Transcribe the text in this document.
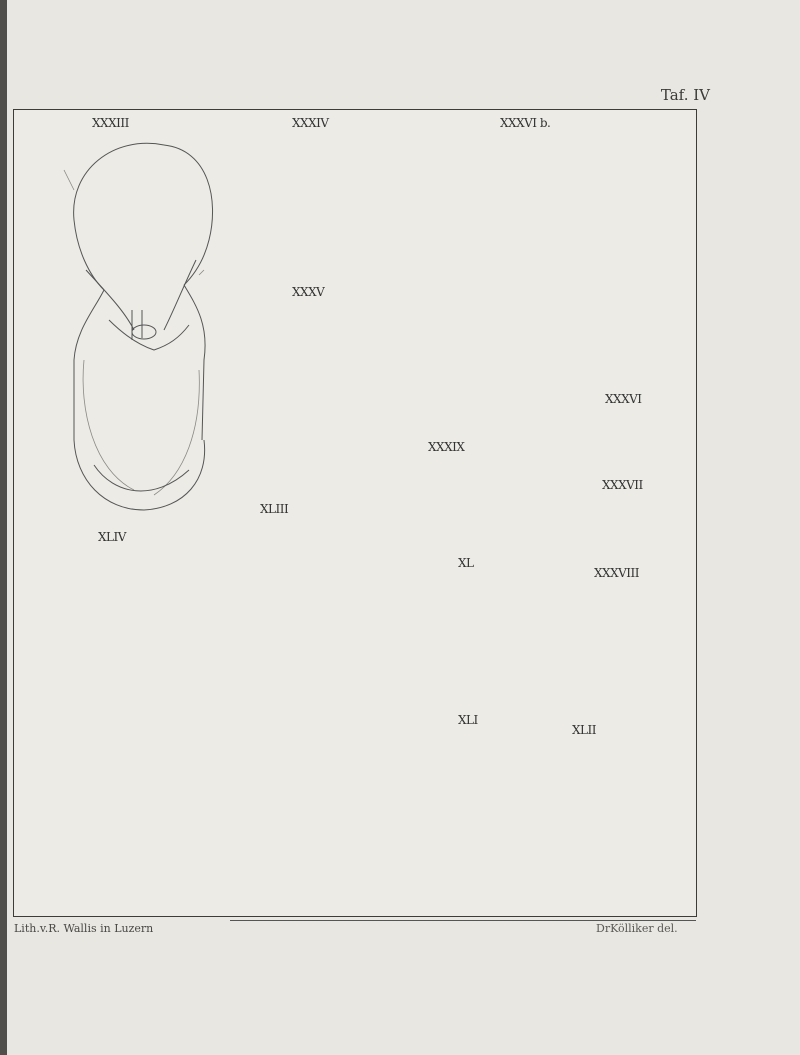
Taf. IV
XXXIII	XXXIV	XXXVI b.
XXXV
XXXVI
XXXIX
XXXVII
XLIII
XLIV
XL
XXXVIII
XLI
XLII
Lith.v.R. Wallis in Luzern	DrKölliker del.
